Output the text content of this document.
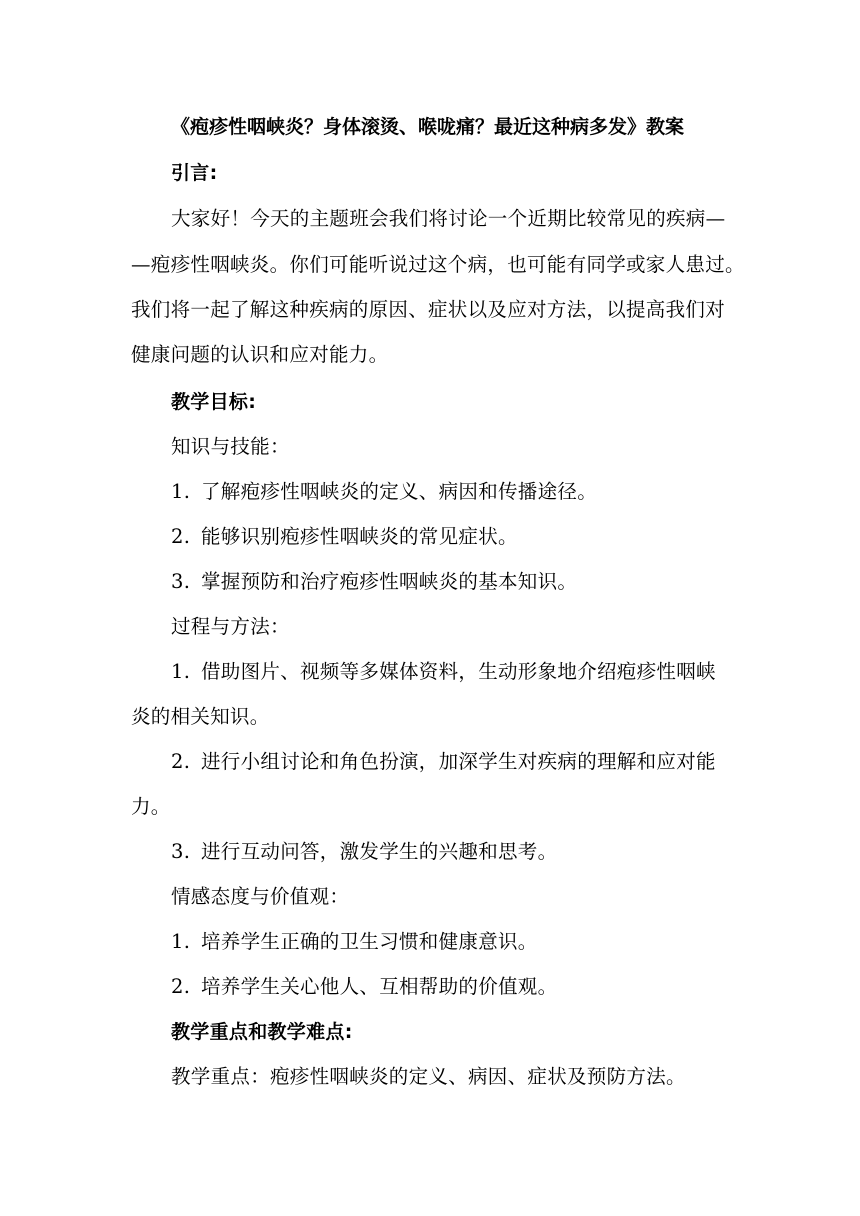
《疱疹性咽峡炎？身体滚烫、喉咙痛？最近这种病多发》教案
引言:
大家好！今天的主题班会我们将讨论一个近期比较常见的疾病—
—疱疹性咽峡炎。你们可能听说过这个病，也可能有同学或家人患过。
我们将一起了解这种疾病的原因、症状以及应对方法，以提高我们对
健康问题的认识和应对能力。
教学目标:
知识与技能：
1. 了解疱疹性咽峡炎的定义、病因和传播途径。
2. 能够识别疱疹性咽峡炎的常见症状。
3. 掌握预防和治疗疱疹性咽峡炎的基本知识。
过程与方法：
1. 借助图片、视频等多媒体资料，生动形象地介绍疱疹性咽峡
炎的相关知识。
2. 进行小组讨论和角色扮演，加深学生对疾病的理解和应对能
力。
3. 进行互动问答，激发学生的兴趣和思考。
情感态度与价值观：
1. 培养学生正确的卫生习惯和健康意识。
2. 培养学生关心他人、互相帮助的价值观。
教学重点和教学难点:
教学重点：疱疹性咽峡炎的定义、病因、症状及预防方法。
